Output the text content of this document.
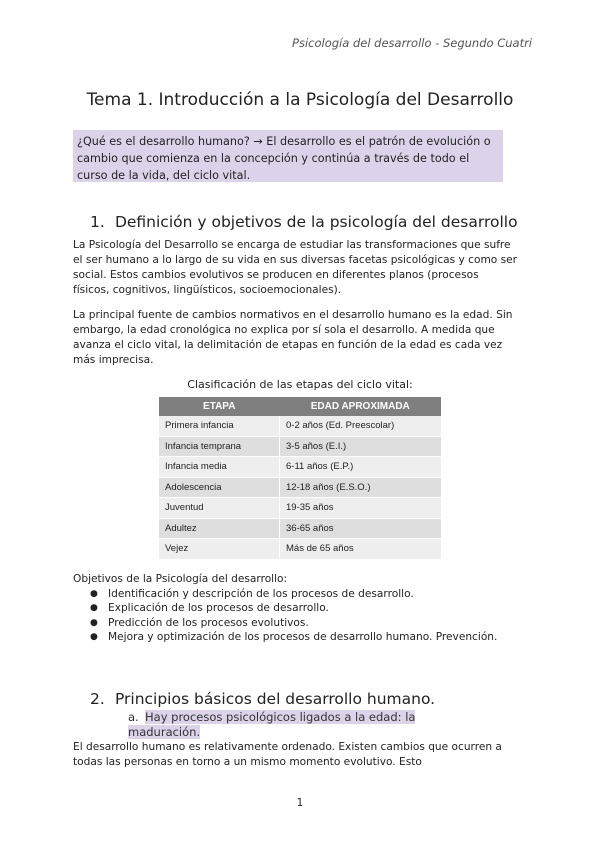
Psicología del desarrollo - Segundo Cuatri
Tema 1. Introducción a la Psicología del Desarrollo
¿Qué es el desarrollo humano? → El desarrollo es el patrón de evolución o cambio que comienza en la concepción y continúa a través de todo el curso de la vida, del ciclo vital.
1. Definición y objetivos de la psicología del desarrollo
La Psicología del Desarrollo se encarga de estudiar las transformaciones que sufre el ser humano a lo largo de su vida en sus diversas facetas psicológicas y como ser social. Estos cambios evolutivos se producen en diferentes planos (procesos físicos, cognitivos, lingüísticos, socioemocionales).
La principal fuente de cambios normativos en el desarrollo humano es la edad. Sin embargo, la edad cronológica no explica por sí sola el desarrollo. A medida que avanza el ciclo vital, la delimitación de etapas en función de la edad es cada vez más imprecisa.
Clasificación de las etapas del ciclo vital:
ETAPA	EDAD APROXIMADA
Primera infancia	0-2 años (Ed. Preescolar)
Infancia temprana	3-5 años (E.I.)
Infancia media	6-11 años (E.P.)
Adolescencia	12-18 años (E.S.O.)
Juventud	19-35 años
Adultez	36-65 años
Vejez	Más de 65 años
Objetivos de la Psicología del desarrollo:
● Identificación y descripción de los procesos de desarrollo.
● Explicación de los procesos de desarrollo.
● Predicción de los procesos evolutivos.
● Mejora y optimización de los procesos de desarrollo humano. Prevención.
2. Principios básicos del desarrollo humano.
a. Hay procesos psicológicos ligados a la edad: la maduración.
El desarrollo humano es relativamente ordenado. Existen cambios que ocurren a todas las personas en torno a un mismo momento evolutivo. Esto
1
